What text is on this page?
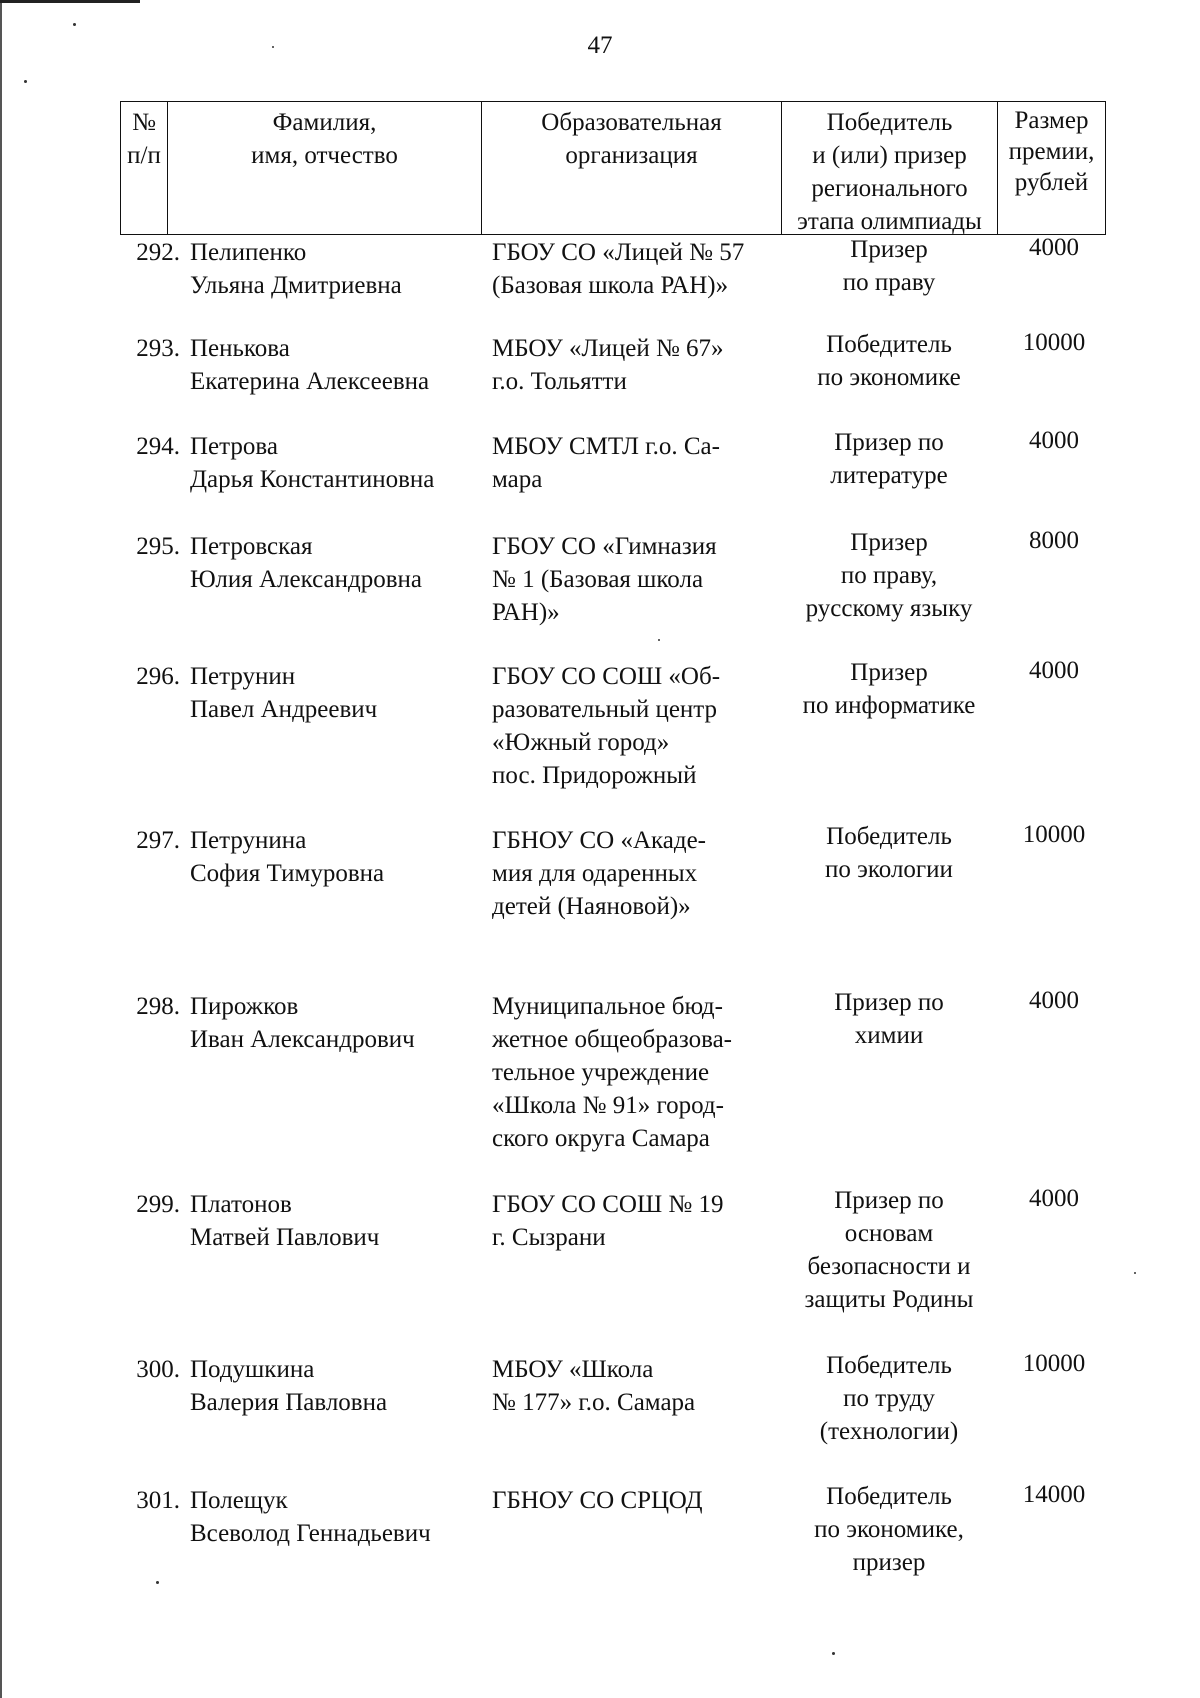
47
№
п/п
Фамилия,
имя, отчество
Образовательная
организация
Победитель
и (или) призер
регионального
этапа олимпиады
Размер
премии,
рублей
292. Пелипенко
Ульяна Дмитриевна
ГБОУ СО «Лицей № 57
(Базовая школа РАН)»
Призер
по праву
4000
293. Пенькова
Екатерина Алексеевна
МБОУ «Лицей № 67»
г.о. Тольятти
Победитель
по экономике
10000
294. Петрова
Дарья Константиновна
МБОУ СМТЛ г.о. Са-
мара
Призер по
литературе
4000
295. Петровская
Юлия Александровна
ГБОУ СО «Гимназия
№ 1 (Базовая школа
РАН)»
Призер
по праву,
русскому языку
8000
296. Петрунин
Павел Андреевич
ГБОУ СО СОШ «Об-
разовательный центр
«Южный город»
пос. Придорожный
Призер
по информатике
4000
297. Петрунина
София Тимуровна
ГБНОУ СО «Акаде-
мия для одаренных
детей (Наяновой)»
Победитель
по экологии
10000
298. Пирожков
Иван Александрович
Муниципальное бюд-
жетное общеобразова-
тельное учреждение
«Школа № 91» город-
ского округа Самара
Призер по
химии
4000
299. Платонов
Матвей Павлович
ГБОУ СО СОШ № 19
г. Сызрани
Призер по
основам
безопасности и
защиты Родины
4000
300. Подушкина
Валерия Павловна
МБОУ «Школа
№ 177» г.о. Самара
Победитель
по труду
(технологии)
10000
301. Полещук
Всеволод Геннадьевич
ГБНОУ СО СРЦОД	Победитель
по экономике,
призер
14000
